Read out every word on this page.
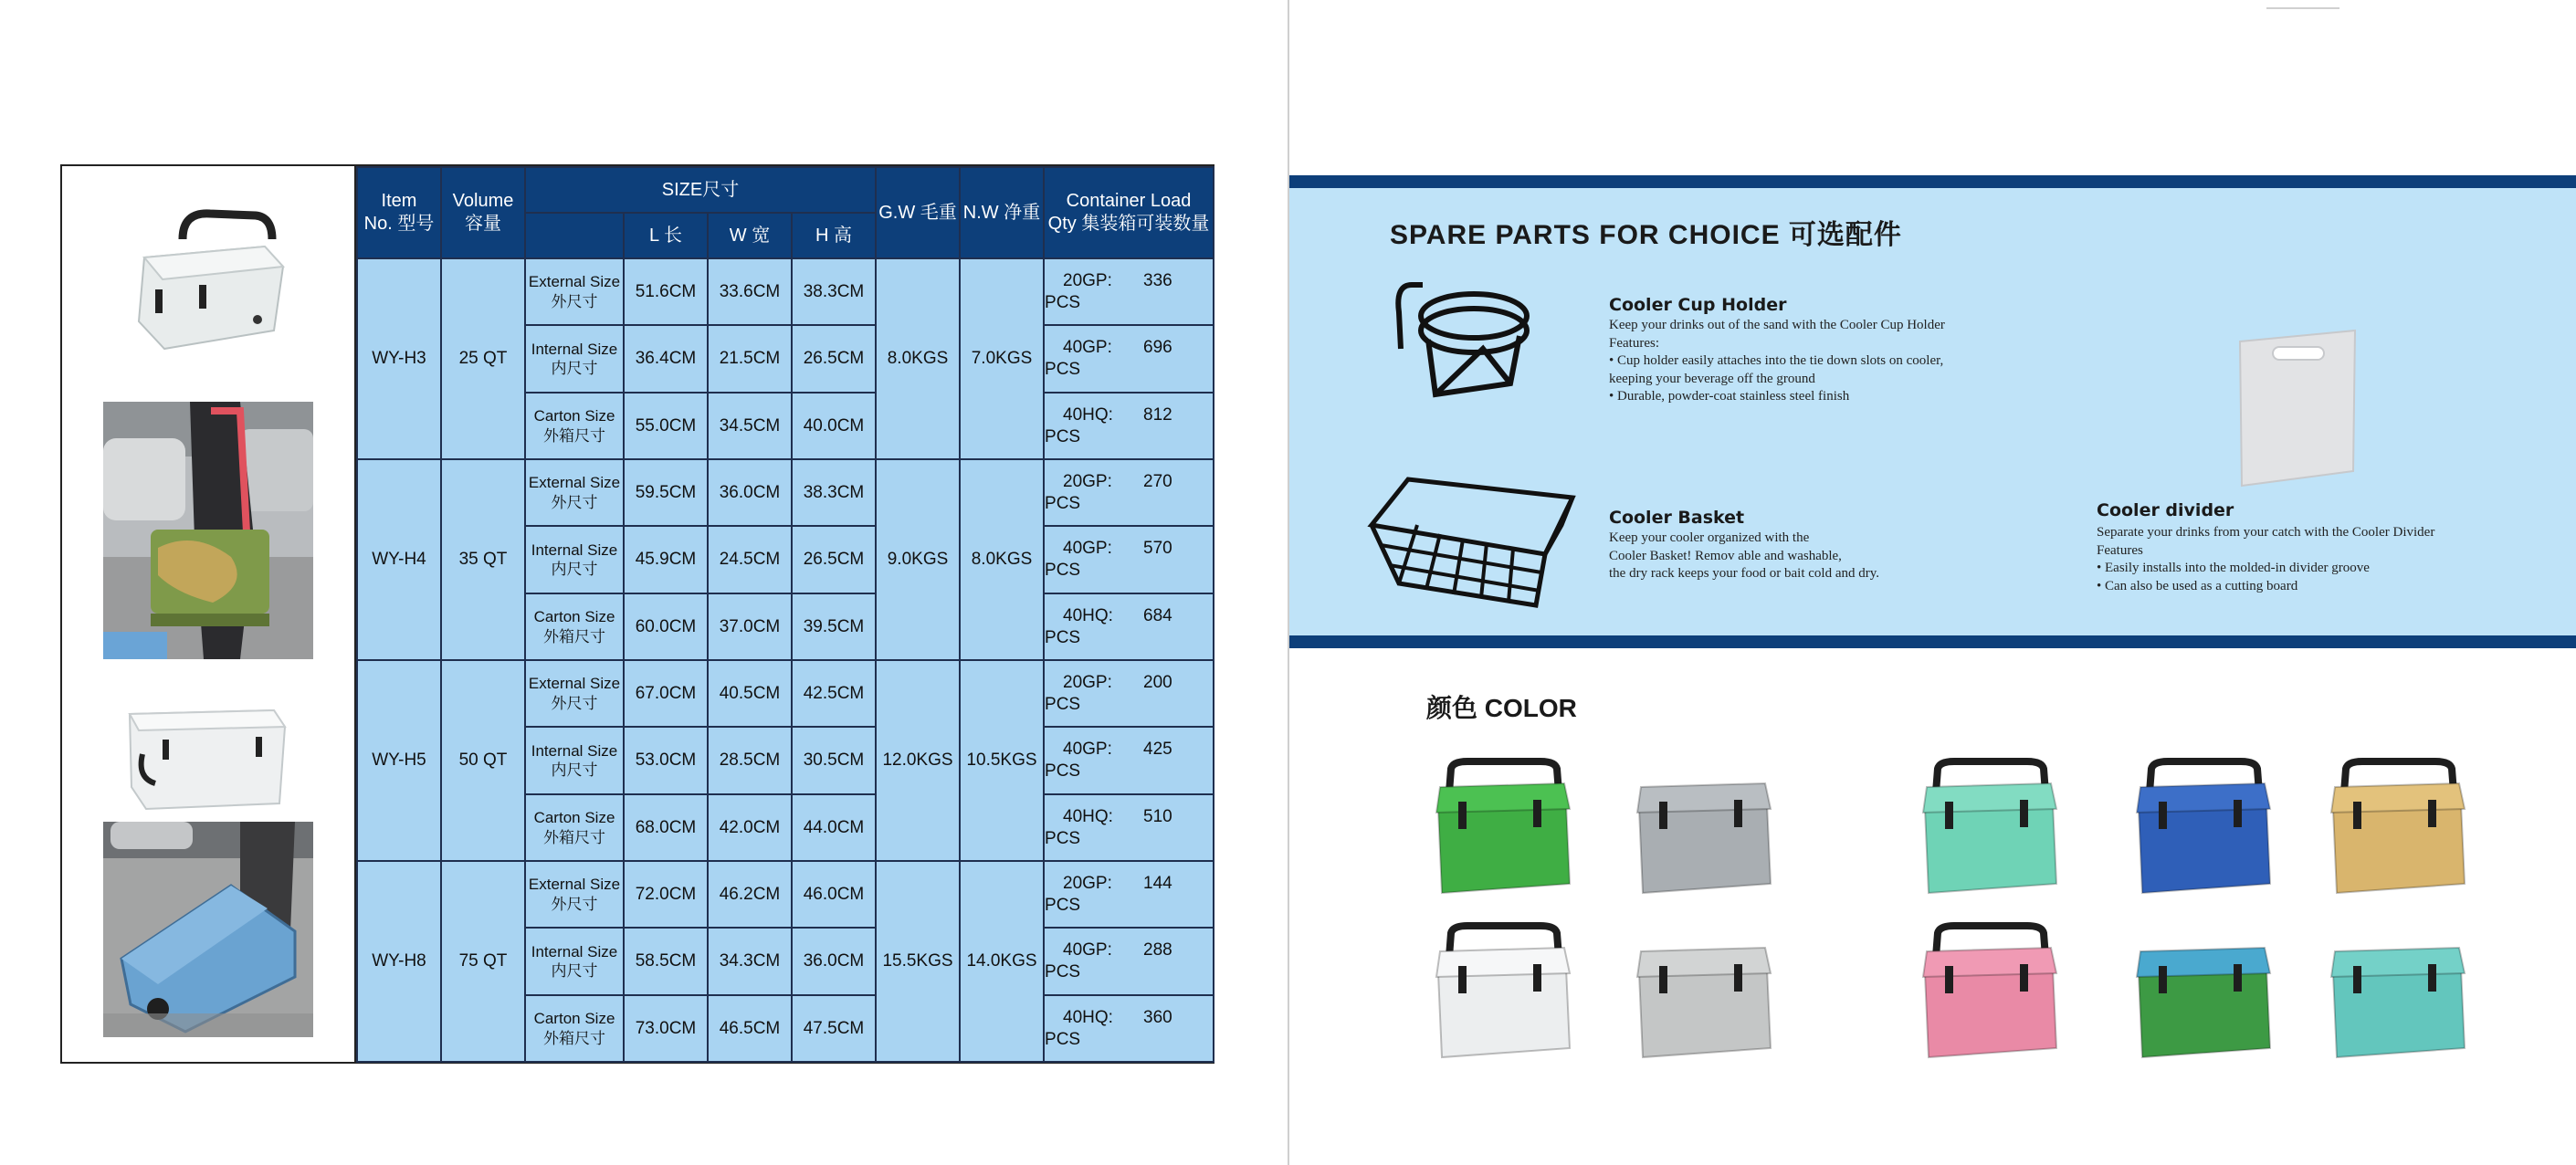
Item
No. 型号	Volume
容量	SIZE尺寸				G.W 毛重	N.W 净重	Container Load
Qty 集装箱可装数量

			L 长	W 宽	H 高			
WY-H3	25 QT	External Size
外尺寸	51.6CM	33.6CM	38.3CM	8.0KGS	7.0KGS	20GP: 336 PCS

		Internal Size
内尺寸	36.4CM	21.5CM	26.5CM			40GP: 696 PCS

		Carton Size
外箱尺寸	55.0CM	34.5CM	40.0CM			40HQ: 812 PCS
WY-H4	35 QT	External Size
外尺寸	59.5CM	36.0CM	38.3CM	9.0KGS	8.0KGS	20GP: 270 PCS

		Internal Size
内尺寸	45.9CM	24.5CM	26.5CM			40GP: 570 PCS

		Carton Size
外箱尺寸	60.0CM	37.0CM	39.5CM			40HQ: 684 PCS
WY-H5	50 QT	External Size
外尺寸	67.0CM	40.5CM	42.5CM	12.0KGS	10.5KGS	20GP: 200 PCS

		Internal Size
内尺寸	53.0CM	28.5CM	30.5CM			40GP: 425 PCS

		Carton Size
外箱尺寸	68.0CM	42.0CM	44.0CM			40HQ: 510 PCS
WY-H8	75 QT	External Size
外尺寸	72.0CM	46.2CM	46.0CM	15.5KGS	14.0KGS	20GP: 144 PCS

		Internal Size
内尺寸	58.5CM	34.3CM	36.0CM			40GP: 288 PCS

		Carton Size
外箱尺寸	73.0CM	46.5CM	47.5CM			40HQ: 360 PCS
SPARE PARTS FOR CHOICE 可选配件
Cooler Cup Holder
Keep your drinks out of the sand with the Cooler Cup Holder
Features:
• Cup holder easily attaches into the tie down slots on cooler,
keeping your beverage off the ground
• Durable, powder-coat stainless steel finish
Cooler Basket
Keep your cooler organized with the
Cooler Basket! Remov able and washable,
the dry rack keeps your food or bait cold and dry.
Cooler divider
Separate your drinks from your catch with the Cooler Divider
Features
• Easily installs into the molded-in divider groove
• Can also be used as a cutting board
颜色 COLOR
